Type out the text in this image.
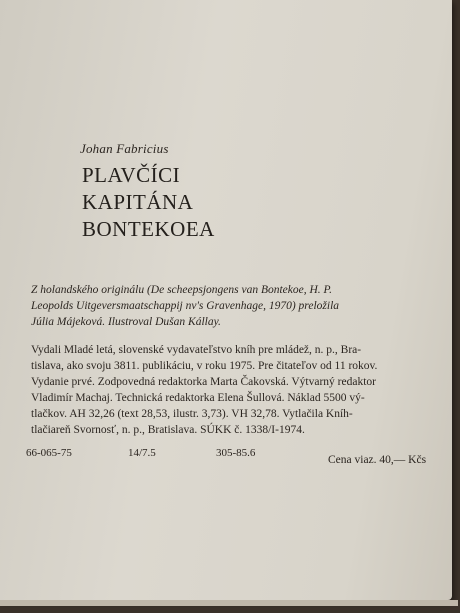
Johan Fabricius
PLAVČÍCI
KAPITÁNA
BONTEKOEA
Z holandského originálu (De scheepsjongens van Bontekoe, H. P.
Leopolds Uitgeversmaatschappij nv's Gravenhage, 1970) preložila
Júlia Májeková. Ilustroval Dušan Kállay.
Vydali Mladé letá, slovenské vydavateľstvo kníh pre mládež, n. p., Bra-
tislava, ako svoju 3811. publikáciu, v roku 1975. Pre čitateľov od 11 rokov.
Vydanie prvé. Zodpovedná redaktorka Marta Čakovská. Výtvarný redaktor
Vladimír Machaj. Technická redaktorka Elena Šullová. Náklad 5500 vý-
tlačkov. AH 32,26 (text 28,53, ilustr. 3,73). VH 32,78. Vytlačila Kníh-
tlačiareň Svornosť, n. p., Bratislava. SÚKK č. 1338/I-1974.
66-065-75	14/7.5	305-85.6
Cena viaz. 40,— Kčs
